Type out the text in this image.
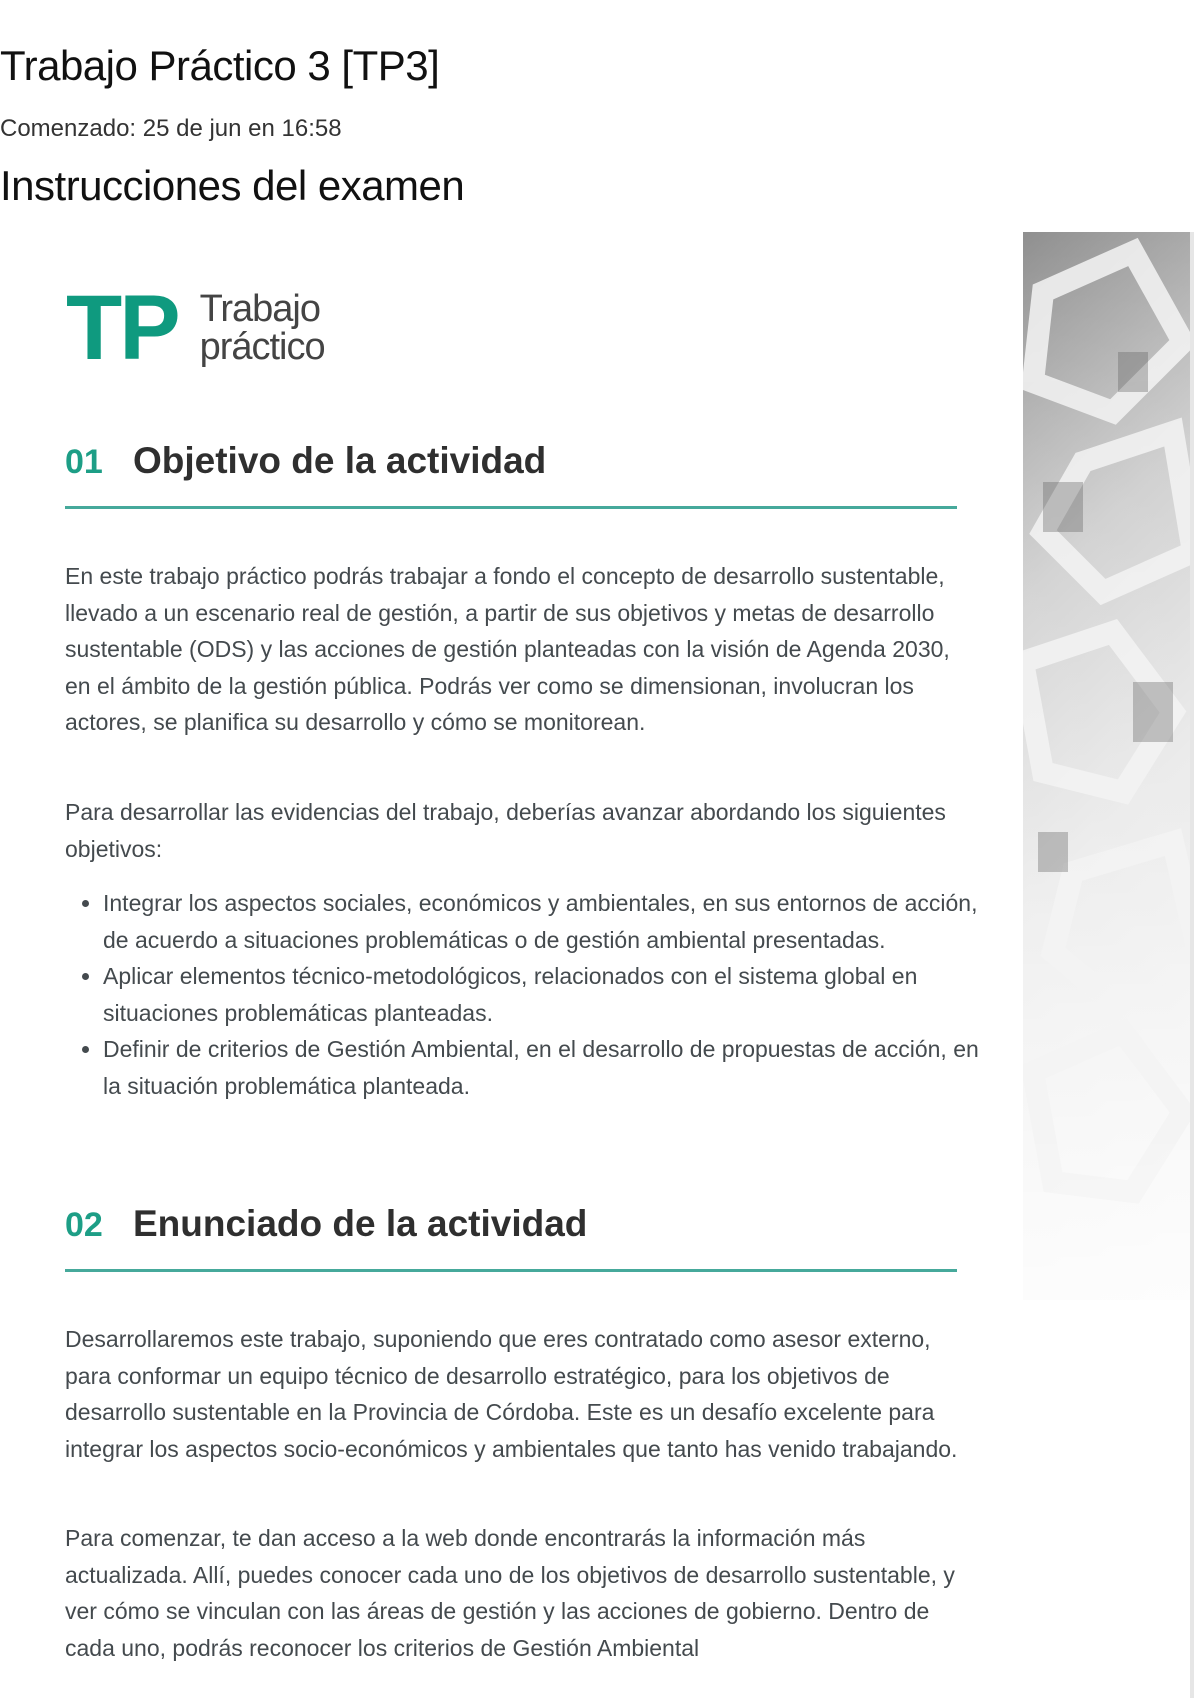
Trabajo Práctico 3 [TP3]
Comenzado: 25 de jun en 16:58
Instrucciones del examen
TP Trabajo
práctico
01 Objetivo de la actividad

En este trabajo práctico podrás trabajar a fondo el concepto de desarrollo sustentable, llevado a un escenario real de gestión, a partir de sus objetivos y metas de desarrollo sustentable (ODS) y las acciones de gestión planteadas con la visión de Agenda 2030, en el ámbito de la gestión pública. Podrás ver como se dimensionan, involucran los actores, se planifica su desarrollo y cómo se monitorean.

Para desarrollar las evidencias del trabajo, deberías avanzar abordando los siguientes objetivos:

• Integrar los aspectos sociales, económicos y ambientales, en sus entornos de acción, de acuerdo a situaciones problemáticas o de gestión ambiental presentadas.
• Aplicar elementos técnico-metodológicos, relacionados con el sistema global en situaciones problemáticas planteadas.
• Definir de criterios de Gestión Ambiental, en el desarrollo de propuestas de acción, en la situación problemática planteada.
02 Enunciado de la actividad

Desarrollaremos este trabajo, suponiendo que eres contratado como asesor externo, para conformar un equipo técnico de desarrollo estratégico, para los objetivos de desarrollo sustentable en la Provincia de Córdoba. Este es un desafío excelente para integrar los aspectos socio-económicos y ambientales que tanto has venido trabajando.

Para comenzar, te dan acceso a la web donde encontrarás la información más actualizada. Allí, puedes conocer cada uno de los objetivos de desarrollo sustentable, y ver cómo se vinculan con las áreas de gestión y las acciones de gobierno. Dentro de cada uno, podrás reconocer los criterios de Gestión Ambiental
